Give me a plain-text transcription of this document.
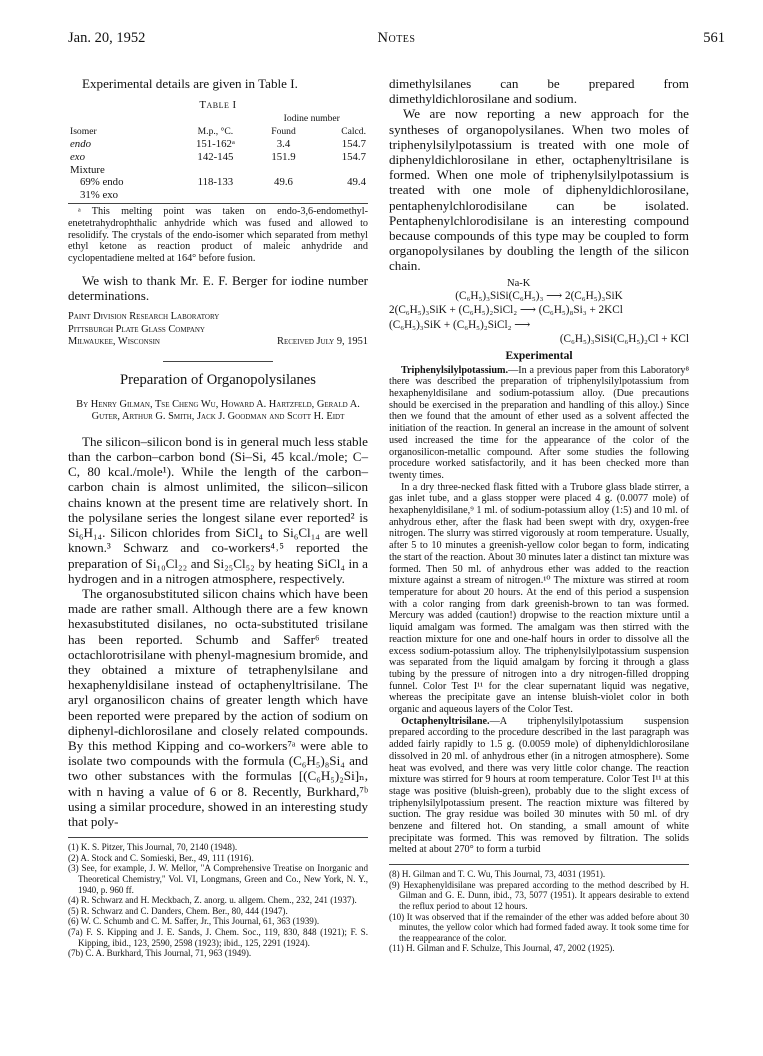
Jan. 20, 1952	Notes	561

Experimental details are given in Table I.

Table I
		Iodine number	
Isomer	M.p., °C.	Found	Calcd.
endo	151-162ᵃ	3.4	154.7
exo	142-145	151.9	154.7
Mixture			
69% endo	118-133	49.6	49.4
31% exo			

ᵃ This melting point was taken on endo-3,6-endomethyl-enetetrahydrophthalic anhydride which was fused and allowed to resolidify. The crystals of the endo-isomer which separated from methyl ethyl ketone as reaction product of maleic anhydride and cyclopentadiene melted at 164° before fusion.

We wish to thank Mr. E. F. Berger for iodine number determinations.

Paint Division Research Laboratory

Pittsburgh Plate Glass Company

Received July 9, 1951
Milwaukee, Wisconsin

Preparation of Organopolysilanes
By Henry Gilman, Tse Cheng Wu, Howard A. Hartzfeld, Gerald A. Guter, Arthur G. Smith, Jack J. Goodman and Scott H. Eidt

The silicon–silicon bond is in general much less stable than the carbon–carbon bond (Si–Si, 45 kcal./mole; C–C, 80 kcal./mole¹). While the length of the carbon–carbon chain is almost unlimited, the silicon–silicon chains known at the present time are relatively short. In the polysilane series the longest silane ever reported² is Si₆H₁₄. Silicon chlorides from SiCl₄ to Si₆Cl₁₄ are well known.³ Schwarz and co-workers⁴˒⁵ reported the preparation of Si₁₀Cl₂₂ and Si₂₅Cl₅₂ by heating SiCl₄ in a hydrogen and in a nitrogen atmosphere, respectively.

The organosubstituted silicon chains which have been made are rather small. Although there are a few known hexasubstituted disilanes, no octa-substituted trisilane has been reported. Schumb and Saffer⁶ treated octachlorotrisilane with phenyl-magnesium bromide, and they obtained a mixture of tetraphenylsilane and hexaphenyldisilane instead of octaphenyltrisilane. The aryl organosilicon chains of greater length which have been reported were prepared by the action of sodium on diphenyl-dichlorosilane and closely related compounds. By this method Kipping and co-workers⁷ᵃ were able to isolate two compounds with the formula (C₆H₅)₈Si₄ and two other substances with the formulas [(C₆H₅)₂Si]ₙ, with n having a value of 6 or 8. Recently, Burkhard,⁷ᵇ using a similar procedure, showed in an interesting study that poly-

(1) K. S. Pitzer, This Journal, 70, 2140 (1948).

(2) A. Stock and C. Somieski, Ber., 49, 111 (1916).

(3) See, for example, J. W. Mellor, "A Comprehensive Treatise on Inorganic and Theoretical Chemistry," Vol. VI, Longmans, Green and Co., New York, N. Y., 1940, p. 960 ff.

(4) R. Schwarz and H. Meckbach, Z. anorg. u. allgem. Chem., 232, 241 (1937).

(5) R. Schwarz and C. Danders, Chem. Ber., 80, 444 (1947).

(6) W. C. Schumb and C. M. Saffer, Jr., This Journal, 61, 363 (1939).

(7a) F. S. Kipping and J. E. Sands, J. Chem. Soc., 119, 830, 848 (1921); F. S. Kipping, ibid., 123, 2590, 2598 (1923); ibid., 125, 2291 (1924).

(7b) C. A. Burkhard, This Journal, 71, 963 (1949).

dimethylsilanes can be prepared from dimethyldichlorosilane and sodium.

We are now reporting a new approach for the syntheses of organopolysilanes. When two moles of triphenylsilylpotassium is treated with one mole of diphenyldichlorosilane in ether, octaphenyltrisilane is formed. When one mole of triphenylsilylpotassium is treated with one mole of diphenyldichlorosilane, pentaphenylchlorodisilane can be isolated. Pentaphenylchlorodisilane is an interesting compound because compounds of this type may be coupled to form organopolysilanes by doubling the length of the silicon chain.

Na-K
(C₆H₅)₃SiSi(C₆H₅)₃ ⟶ 2(C₆H₅)₃SiK
2(C₆H₅)₃SiK + (C₆H₅)₂SiCl₂ ⟶ (C₆H₅)₈Si₃ + 2KCl
(C₆H₅)₃SiK + (C₆H₅)₂SiCl₂ ⟶
(C₆H₅)₃SiSi(C₆H₅)₂Cl + KCl
Experimental

Triphenylsilylpotassium.—In a previous paper from this Laboratory⁸ there was described the preparation of triphenylsilylpotassium from hexaphenyldisilane and sodium-potassium alloy. (Due precautions should be exercised in the preparation and handling of this alloy.) Since then we found that the amount of ether used as a solvent affected the initiation of the reaction. In general an increase in the amount of solvent used increased the time for the appearance of the color of the organosilicon-metallic compound. After some studies the following procedure worked satisfactorily, and it has been checked more than twenty times.

In a dry three-necked flask fitted with a Trubore glass blade stirrer, a gas inlet tube, and a glass stopper were placed 4 g. (0.0077 mole) of hexaphenyldisilane,⁹ 1 ml. of sodium-potassium alloy (1:5) and 10 ml. of anhydrous ether, after the flask had been swept with dry, oxygen-free nitrogen. The slurry was stirred vigorously at room temperature. Usually, after 5 to 10 minutes a greenish-yellow color began to form, indicating the start of the reaction. About 30 minutes later a distinct tan mixture was formed. Then 50 ml. of anhydrous ether was added to the reaction mixture against a stream of nitrogen.¹⁰ The mixture was stirred at room temperature for about 20 hours. At the end of this period a suspension with a color ranging from dark greenish-brown to tan was formed. Mercury was added (caution!) dropwise to the reaction mixture until a liquid amalgam was formed. The amalgam was then stirred with the reaction mixture for one and one-half hours in order to dissolve all the excess sodium-potassium alloy. The triphenylsilylpotassium suspension was separated from the liquid amalgam by forcing it through a glass tubing by the pressure of nitrogen into a dry nitrogen-filled dropping funnel. Color Test I¹¹ for the clear supernatant liquid was negative, whereas the precipitate gave an intense bluish-violet color in both organic and aqueous layers of the Color Test.

Octaphenyltrisilane.—A triphenylsilylpotassium suspension prepared according to the procedure described in the last paragraph was added fairly rapidly to 1.5 g. (0.0059 mole) of diphenyldichlorosilane dissolved in 20 ml. of anhydrous ether (in a nitrogen atmosphere). Some heat was evolved, and there was very little color change. The reaction mixture was stirred for 9 hours at room temperature. Color Test I¹¹ at this stage was positive (bluish-green), probably due to the slight excess of triphenylsilylpotassium present. The reaction mixture was filtered by suction. The gray residue was boiled 30 minutes with 50 ml. of dry benzene and filtered hot. On standing, a small amount of white precipitate was formed. This was removed by filtration. The solids melted at about 270° to form a turbid

(8) H. Gilman and T. C. Wu, This Journal, 73, 4031 (1951).

(9) Hexaphenyldisilane was prepared according to the method described by H. Gilman and G. E. Dunn, ibid., 73, 5077 (1951). It appears desirable to extend the reflux period to about 12 hours.

(10) It was observed that if the remainder of the ether was added before about 30 minutes, the yellow color which had formed faded away. It took some time for the reappearance of the color.

(11) H. Gilman and F. Schulze, This Journal, 47, 2002 (1925).
